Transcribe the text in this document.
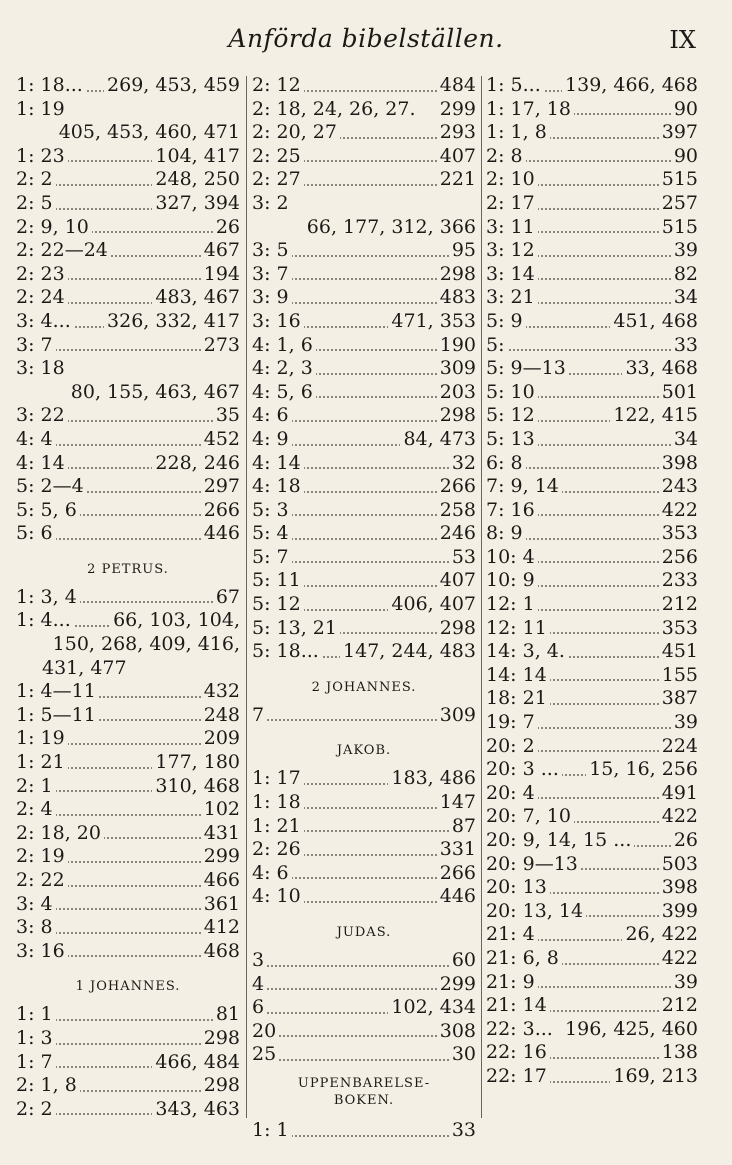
Anförda bibelställen.	IX
1: 18... 269, 453, 459
1: 19
405, 453, 460, 471
1: 23	104, 417
2: 2	248, 250
2: 5	327, 394
2: 9, 10	26
2: 22—24	467
2: 23	194
2: 24	483, 467
3: 4... 326, 332, 417
3: 7	273
3: 18
80, 155, 463, 467
3: 22	35
4: 4	452
4: 14	228, 246
5: 2—4	297
5: 5, 6	266
5: 6	446
2 PETRUS.
1: 3, 4	67
1: 4... 66, 103, 104,
150, 268, 409, 416,
431, 477
1: 4—11	432
1: 5—11	248
1: 19	209
1: 21	177, 180
2: 1	310, 468
2: 4	102
2: 18, 20	431
2: 19	299
2: 22	466
3: 4	361
3: 8	412
3: 16	468
1 JOHANNES.
1: 1	81
1: 3	298
1: 7	466, 484
2: 1, 8	298
2: 2	343, 463
2: 12	484
2: 18, 24, 26, 27. 299
2: 20, 27	293
2: 25	407
2: 27	221
3: 2
66, 177, 312, 366
3: 5	95
3: 7	298
3: 9	483
3: 16	471, 353
4: 1, 6	190
4: 2, 3	309
4: 5, 6	203
4: 6	298
4: 9	84, 473
4: 14	32
4: 18	266
5: 3	258
5: 4	246
5: 7	53
5: 11	407
5: 12	406, 407
5: 13, 21	298
5: 18... 147, 244, 483
2 JOHANNES.
7	309
JAKOB.
1: 17	183, 486
1: 18	147
1: 21	87
2: 26	331
4: 6	266
4: 10	446
JUDAS.
3	60
4	299
6	102, 434
20	308
25	30
UPPENBARELSE-
BOKEN.
1: 1	33
1: 5... 139, 466, 468
1: 17, 18	90
1: 1, 8	397
2: 8	90
2: 10	515
2: 17	257
3: 11	515
3: 12	39
3: 14	82
3: 21	34
5: 9	451, 468
5:	33
5: 9—13	33, 468
5: 10	501
5: 12	122, 415
5: 13	34
6: 8	398
7: 9, 14	243
7: 16	422
8: 9	353
10: 4	256
10: 9	233
12: 1	212
12: 11	353
14: 3, 4.	451
14: 14	155
18: 21	387
19: 7	39
20: 2	224
20: 3 ... 15, 16, 256
20: 4	491
20: 7, 10	422
20: 9, 14, 15 ... 26
20: 9—13	503
20: 13	398
20: 13, 14	399
21: 4	26, 422
21: 6, 8	422
21: 9	39
21: 14	212
22: 3... 196, 425, 460
22: 16	138
22: 17	169, 213
